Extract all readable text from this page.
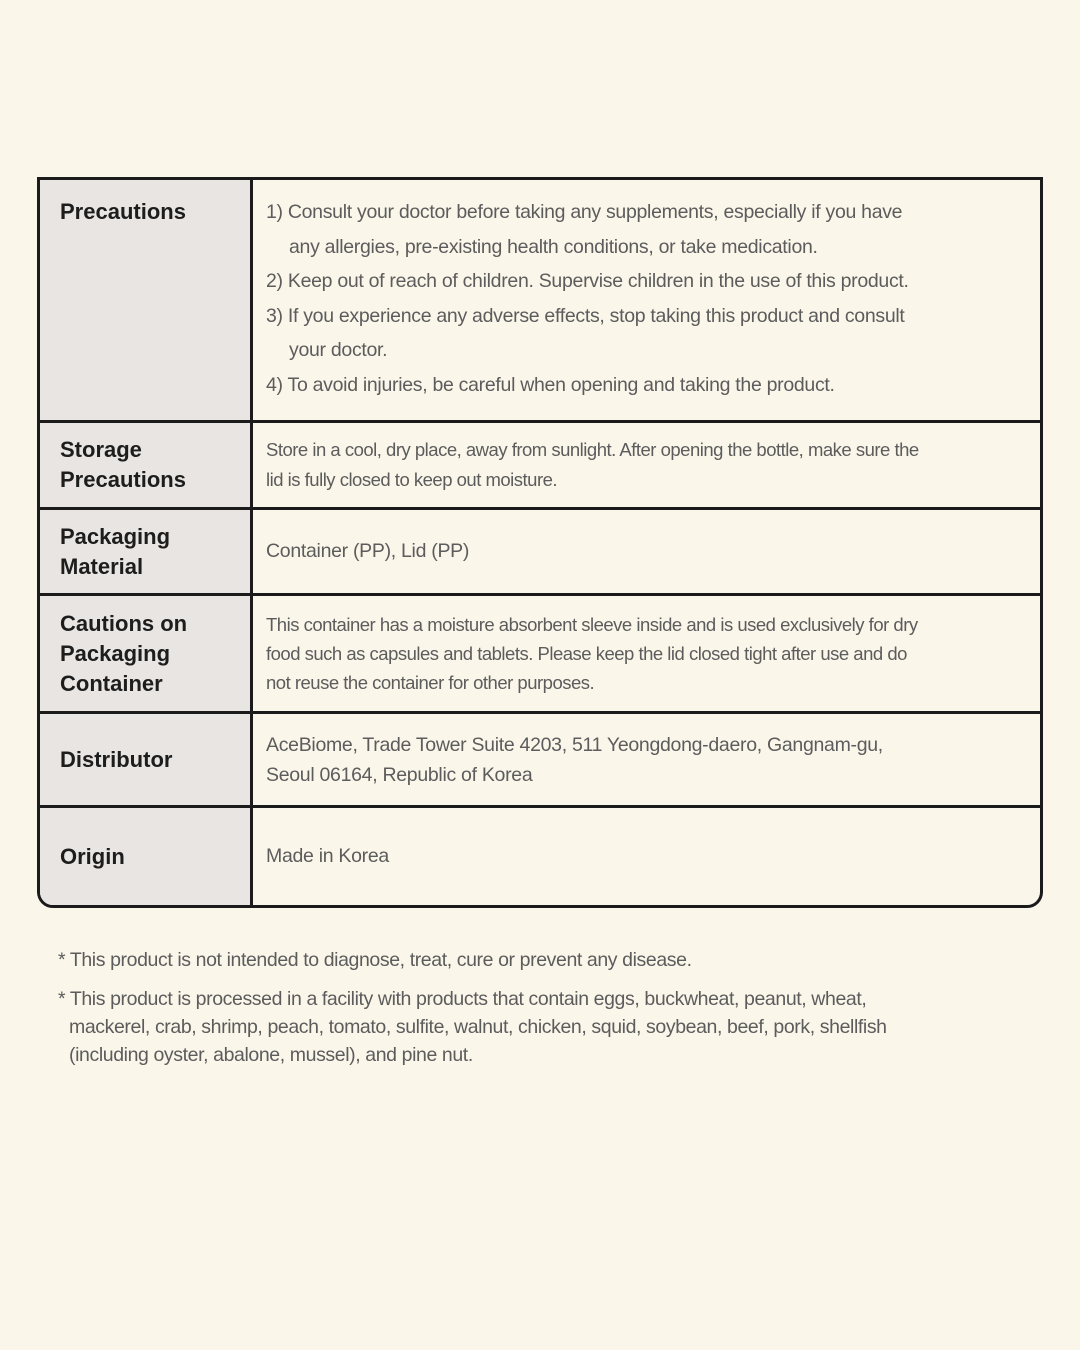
Precautions	1) Consult your doctor before taking any supplements, especially if you have
any allergies, pre-existing health conditions, or take medication.
2) Keep out of reach of children. Supervise children in the use of this product.
3) If you experience any adverse effects, stop taking this product and consult
your doctor.
4) To avoid injuries, be careful when opening and taking the product.
Storage Precautions
Store in a cool, dry place, away from sunlight. After opening the bottle, make sure the
lid is fully closed to keep out moisture.
Packaging Material
Container (PP), Lid (PP)
Cautions on Packaging Container
This container has a moisture absorbent sleeve inside and is used exclusively for dry
food such as capsules and tablets. Please keep the lid closed tight after use and do
not reuse the container for other purposes.
Distributor
AceBiome, Trade Tower Suite 4203, 511 Yeongdong-daero, Gangnam-gu,
Seoul 06164, Republic of Korea
Origin	Made in Korea
* This product is not intended to diagnose, treat, cure or prevent any disease.
* This product is processed in a facility with products that contain eggs, buckwheat, peanut, wheat,
mackerel, crab, shrimp, peach, tomato, sulfite, walnut, chicken, squid, soybean, beef, pork, shellfish
(including oyster, abalone, mussel), and pine nut.
